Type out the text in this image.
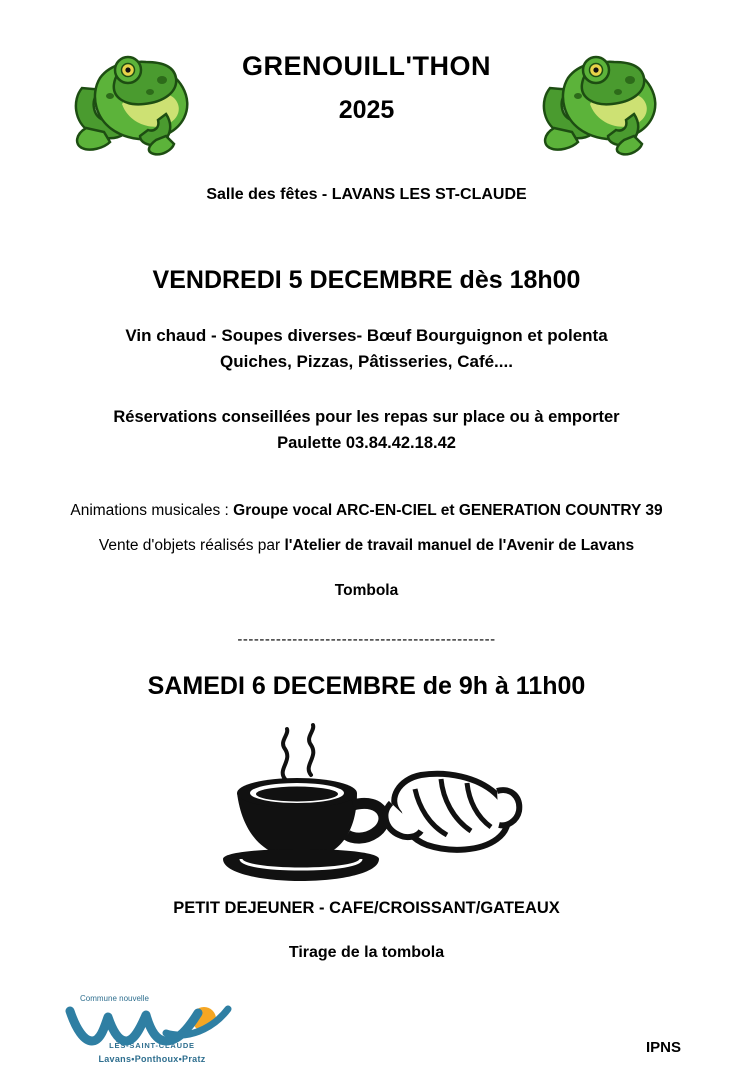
GRENOUILL'THON
2025
Salle des fêtes - LAVANS LES ST-CLAUDE
VENDREDI 5 DECEMBRE dès 18h00
Vin chaud - Soupes diverses- Bœuf Bourguignon et polenta
Quiches, Pizzas, Pâtisseries, Café....
Réservations conseillées pour les repas sur place ou à emporter
Paulette 03.84.42.18.42
Animations musicales : Groupe vocal ARC-EN-CIEL et GENERATION COUNTRY 39
Vente d'objets réalisés par l'Atelier de travail manuel de l'Avenir de Lavans
Tombola
-----------------------------------------------
SAMEDI 6 DECEMBRE de 9h à 11h00
PETIT DEJEUNER - CAFE/CROISSANT/GATEAUX
Tirage de la tombola
Commune nouvelle
LÈS-SAINT-CLAUDE
Lavans•Ponthoux•Pratz
IPNS
